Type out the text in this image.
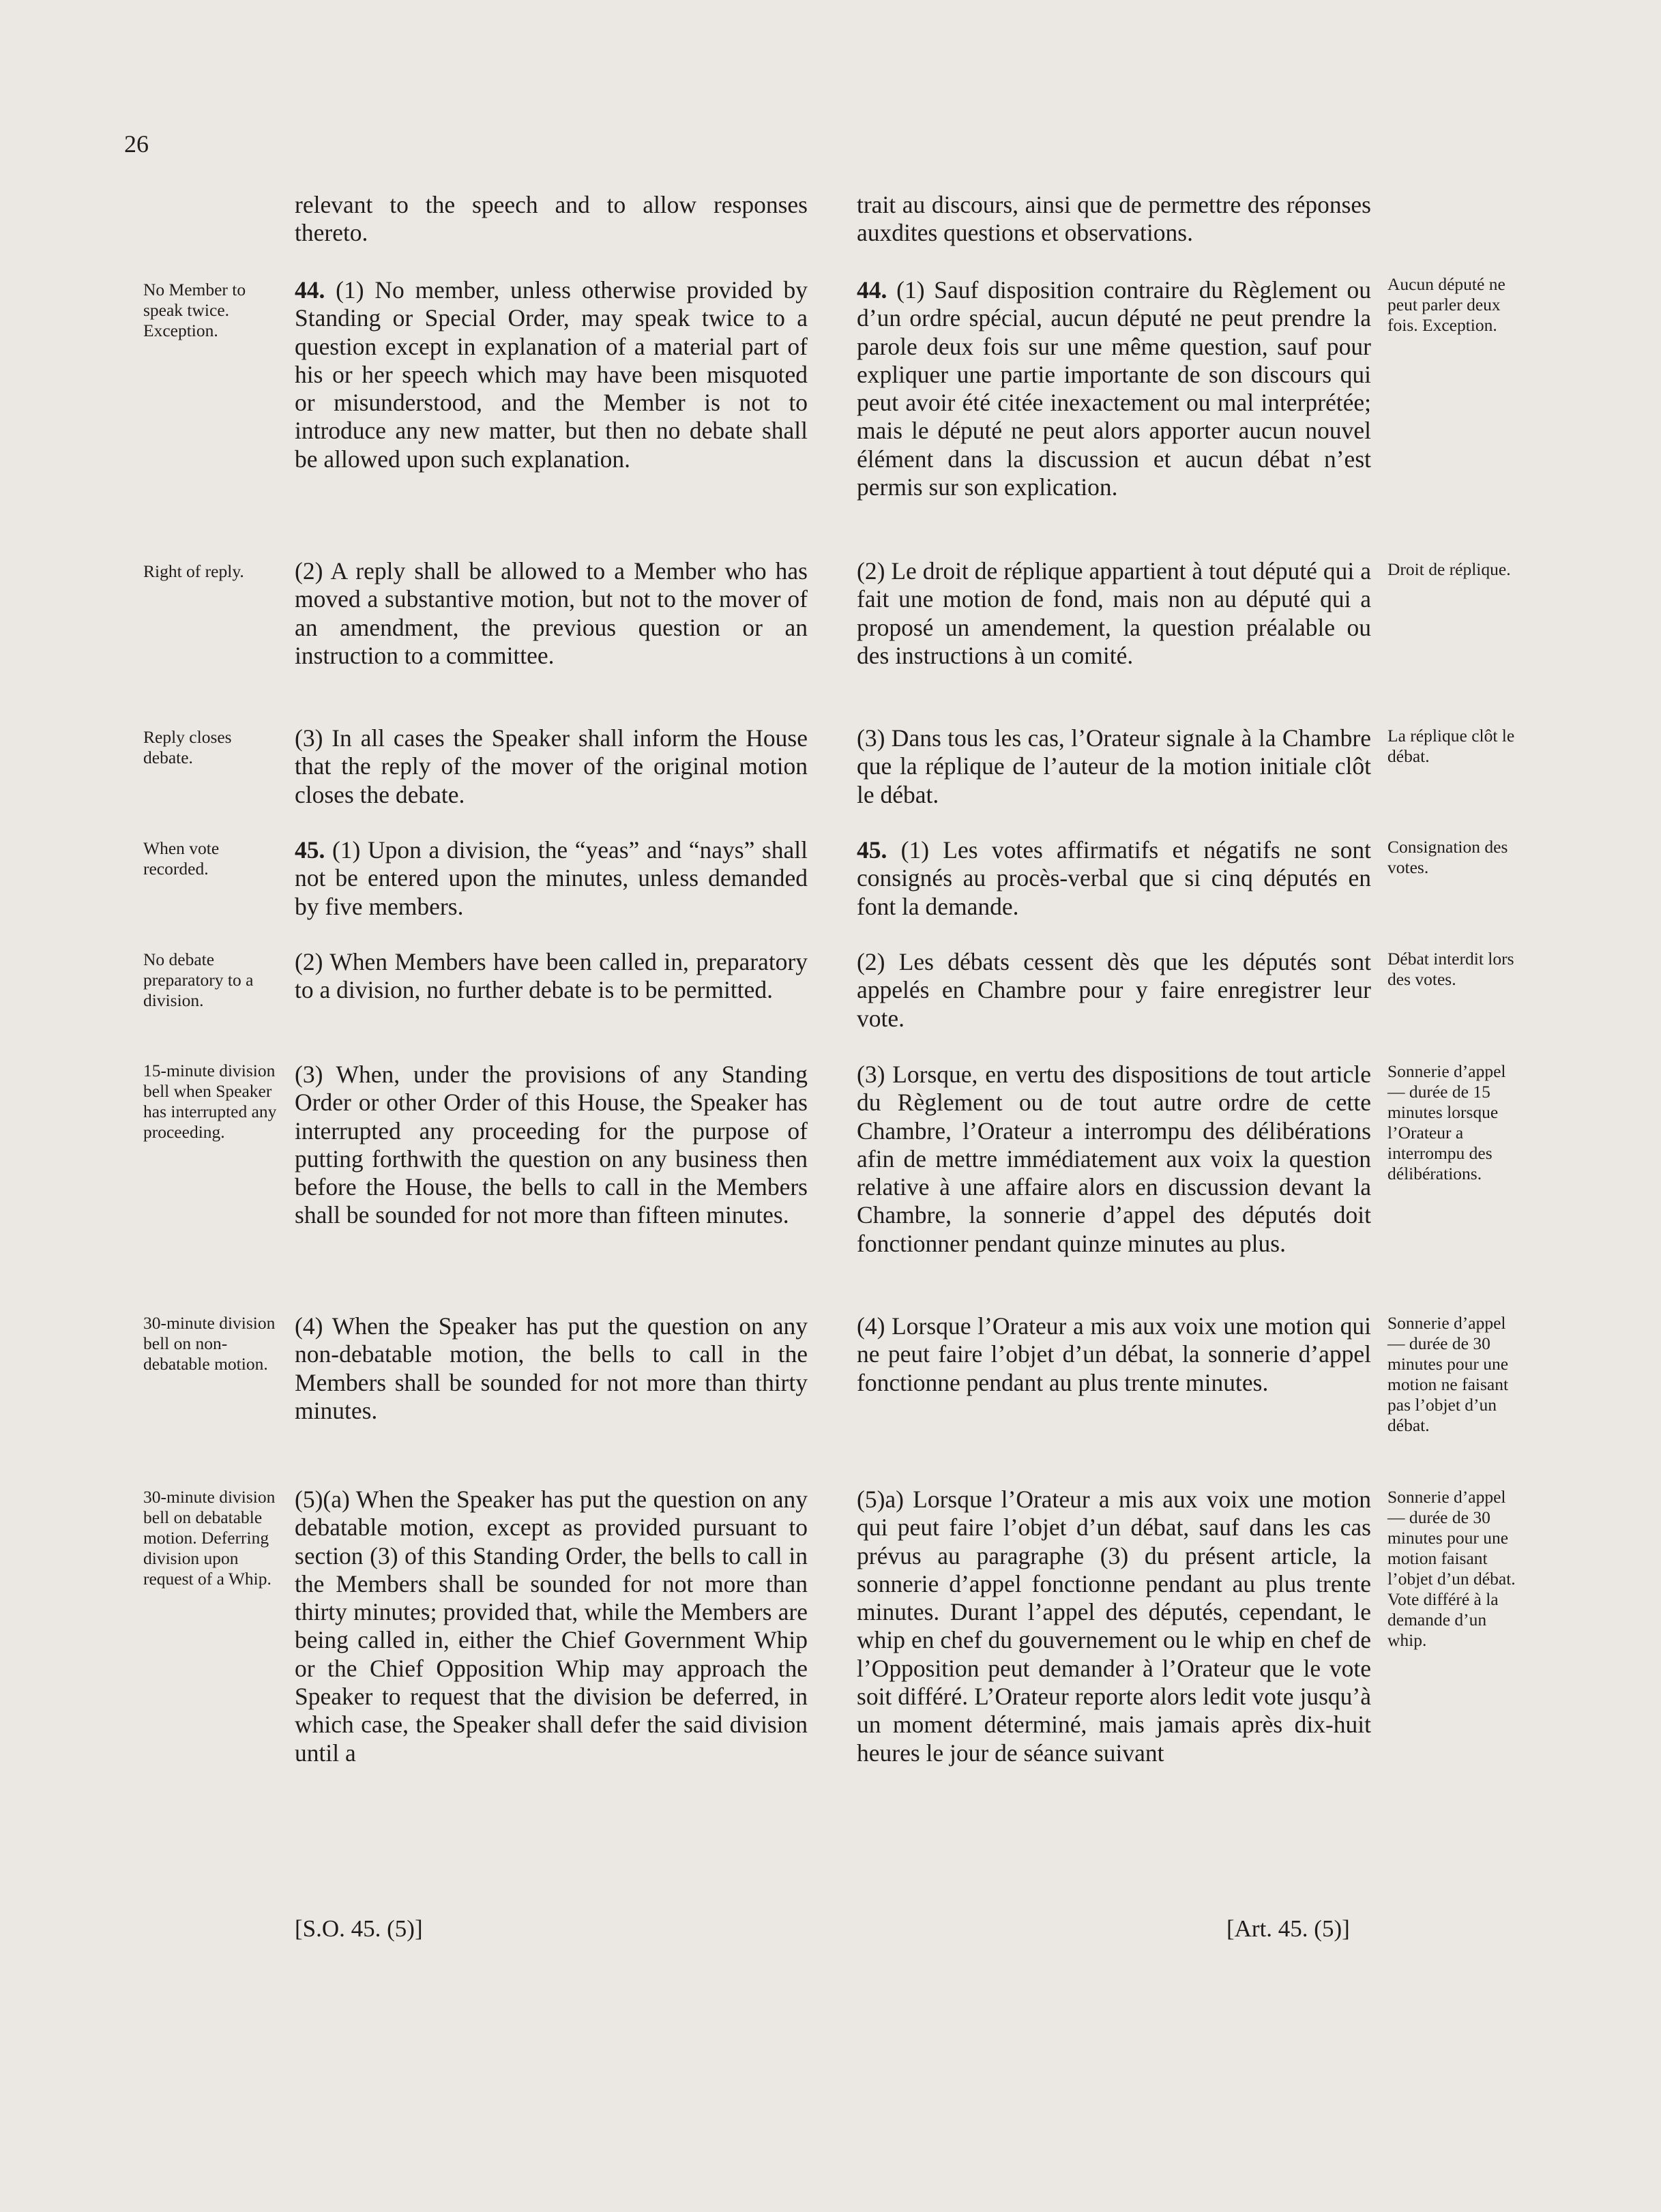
26

relevant to the speech and to allow responses thereto.

44. (1) No member, unless otherwise provided by Standing or Special Order, may speak twice to a question except in explanation of a material part of his or her speech which may have been misquoted or misunderstood, and the Member is not to introduce any new matter, but then no debate shall be allowed upon such explanation.

(2) A reply shall be allowed to a Member who has moved a substantive motion, but not to the mover of an amendment, the previous question or an instruction to a committee.

(3) In all cases the Speaker shall inform the House that the reply of the mover of the original motion closes the debate.

45. (1) Upon a division, the “yeas” and “nays” shall not be entered upon the minutes, unless demanded by five members.

(2) When Members have been called in, preparatory to a division, no further debate is to be permitted.

(3) When, under the provisions of any Standing Order or other Order of this House, the Speaker has interrupted any proceeding for the purpose of putting forthwith the question on any business then before the House, the bells to call in the Members shall be sounded for not more than fifteen minutes.

(4) When the Speaker has put the question on any non-debatable motion, the bells to call in the Members shall be sounded for not more than thirty minutes.

(5)(a) When the Speaker has put the question on any debatable motion, except as provided pursuant to section (3) of this Standing Order, the bells to call in the Members shall be sounded for not more than thirty minutes; provided that, while the Members are being called in, either the Chief Government Whip or the Chief Opposition Whip may approach the Speaker to request that the division be deferred, in which case, the Speaker shall defer the said division until a

trait au discours, ainsi que de permettre des réponses auxdites questions et observations.

44. (1) Sauf disposition contraire du Règlement ou d’un ordre spécial, aucun député ne peut prendre la parole deux fois sur une même question, sauf pour expliquer une partie importante de son discours qui peut avoir été citée inexactement ou mal interprétée; mais le député ne peut alors apporter aucun nouvel élément dans la discussion et aucun débat n’est permis sur son explication.

(2) Le droit de réplique appartient à tout député qui a fait une motion de fond, mais non au député qui a proposé un amendement, la question préalable ou des instructions à un comité.

(3) Dans tous les cas, l’Orateur signale à la Chambre que la réplique de l’auteur de la motion initiale clôt le débat.

45. (1) Les votes affirmatifs et négatifs ne sont consignés au procès-verbal que si cinq députés en font la demande.

(2) Les débats cessent dès que les députés sont appelés en Chambre pour y faire enregistrer leur vote.

(3) Lorsque, en vertu des dispositions de tout article du Règlement ou de tout autre ordre de cette Chambre, l’Orateur a interrompu des délibérations afin de mettre immédiatement aux voix la question relative à une affaire alors en discussion devant la Chambre, la sonnerie d’appel des députés doit fonctionner pendant quinze minutes au plus.

(4) Lorsque l’Orateur a mis aux voix une motion qui ne peut faire l’objet d’un débat, la sonnerie d’appel fonctionne pendant au plus trente minutes.

(5)a) Lorsque l’Orateur a mis aux voix une motion qui peut faire l’objet d’un débat, sauf dans les cas prévus au paragraphe (3) du présent article, la sonnerie d’appel fonctionne pendant au plus trente minutes. Durant l’appel des députés, cependant, le whip en chef du gouvernement ou le whip en chef de l’Opposition peut demander à l’Orateur que le vote soit différé. L’Orateur reporte alors ledit vote jusqu’à un moment déterminé, mais jamais après dix-huit heures le jour de séance suivant

No Member to speak twice. Exception.
Right of reply.
Reply closes debate.
When vote recorded.
No debate preparatory to a division.
15-minute division bell when Speaker has interrupted any proceeding.
30-minute division bell on non-debatable motion.
30-minute division bell on debatable motion. Deferring division upon request of a Whip.
Aucun député ne peut parler deux fois. Exception.
Droit de réplique.
La réplique clôt le débat.
Consignation des votes.
Débat interdit lors des votes.
Sonnerie d’appel — durée de 15 minutes lorsque l’Orateur a interrompu des délibérations.
Sonnerie d’appel — durée de 30 minutes pour une motion ne faisant pas l’objet d’un débat.
Sonnerie d’appel — durée de 30 minutes pour une motion faisant l’objet d’un débat. Vote différé à la demande d’un whip.
[S.O. 45. (5)]	[Art. 45. (5)]
